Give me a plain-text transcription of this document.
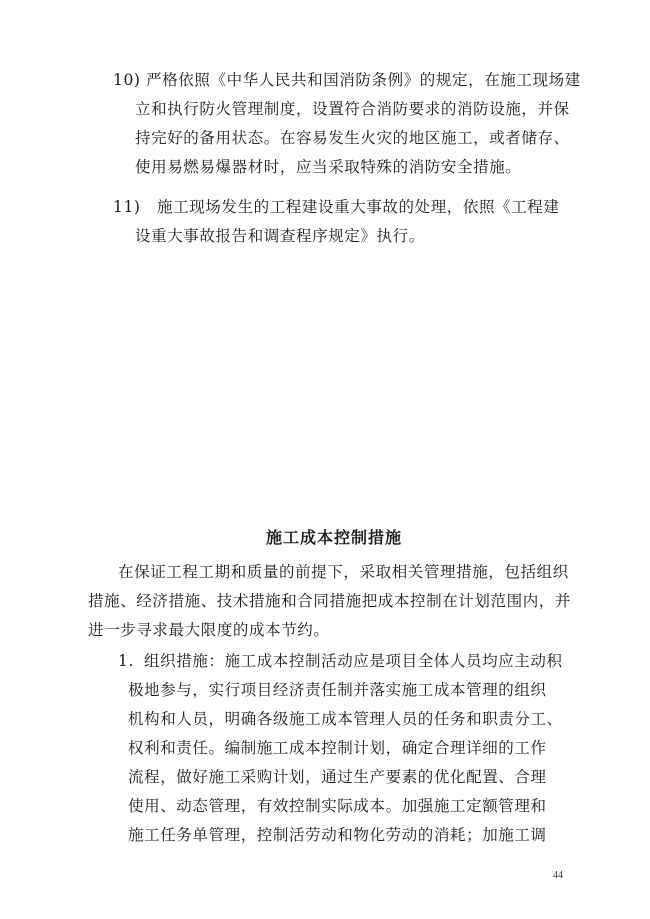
10) 严格依照《中华人民共和国消防条例》的规定，在施工现场建
立和执行防火管理制度，设置符合消防要求的消防设施，并保
持完好的备用状态。在容易发生火灾的地区施工，或者储存、
使用易燃易爆器材时，应当采取特殊的消防安全措施。
11) 施工现场发生的工程建设重大事故的处理，依照《工程建
设重大事故报告和调查程序规定》执行。
施工成本控制措施
在保证工程工期和质量的前提下，采取相关管理措施，包括组织
措施、经济措施、技术措施和合同措施把成本控制在计划范围内，并
进一步寻求最大限度的成本节约。
1. 组织措施：施工成本控制活动应是项目全体人员均应主动积
极地参与，实行项目经济责任制并落实施工成本管理的组织
机构和人员，明确各级施工成本管理人员的任务和职责分工、
权利和责任。编制施工成本控制计划，确定合理详细的工作
流程，做好施工采购计划，通过生产要素的优化配置、合理
使用、动态管理，有效控制实际成本。加强施工定额管理和
施工任务单管理，控制活劳动和物化劳动的消耗；加施工调
44
